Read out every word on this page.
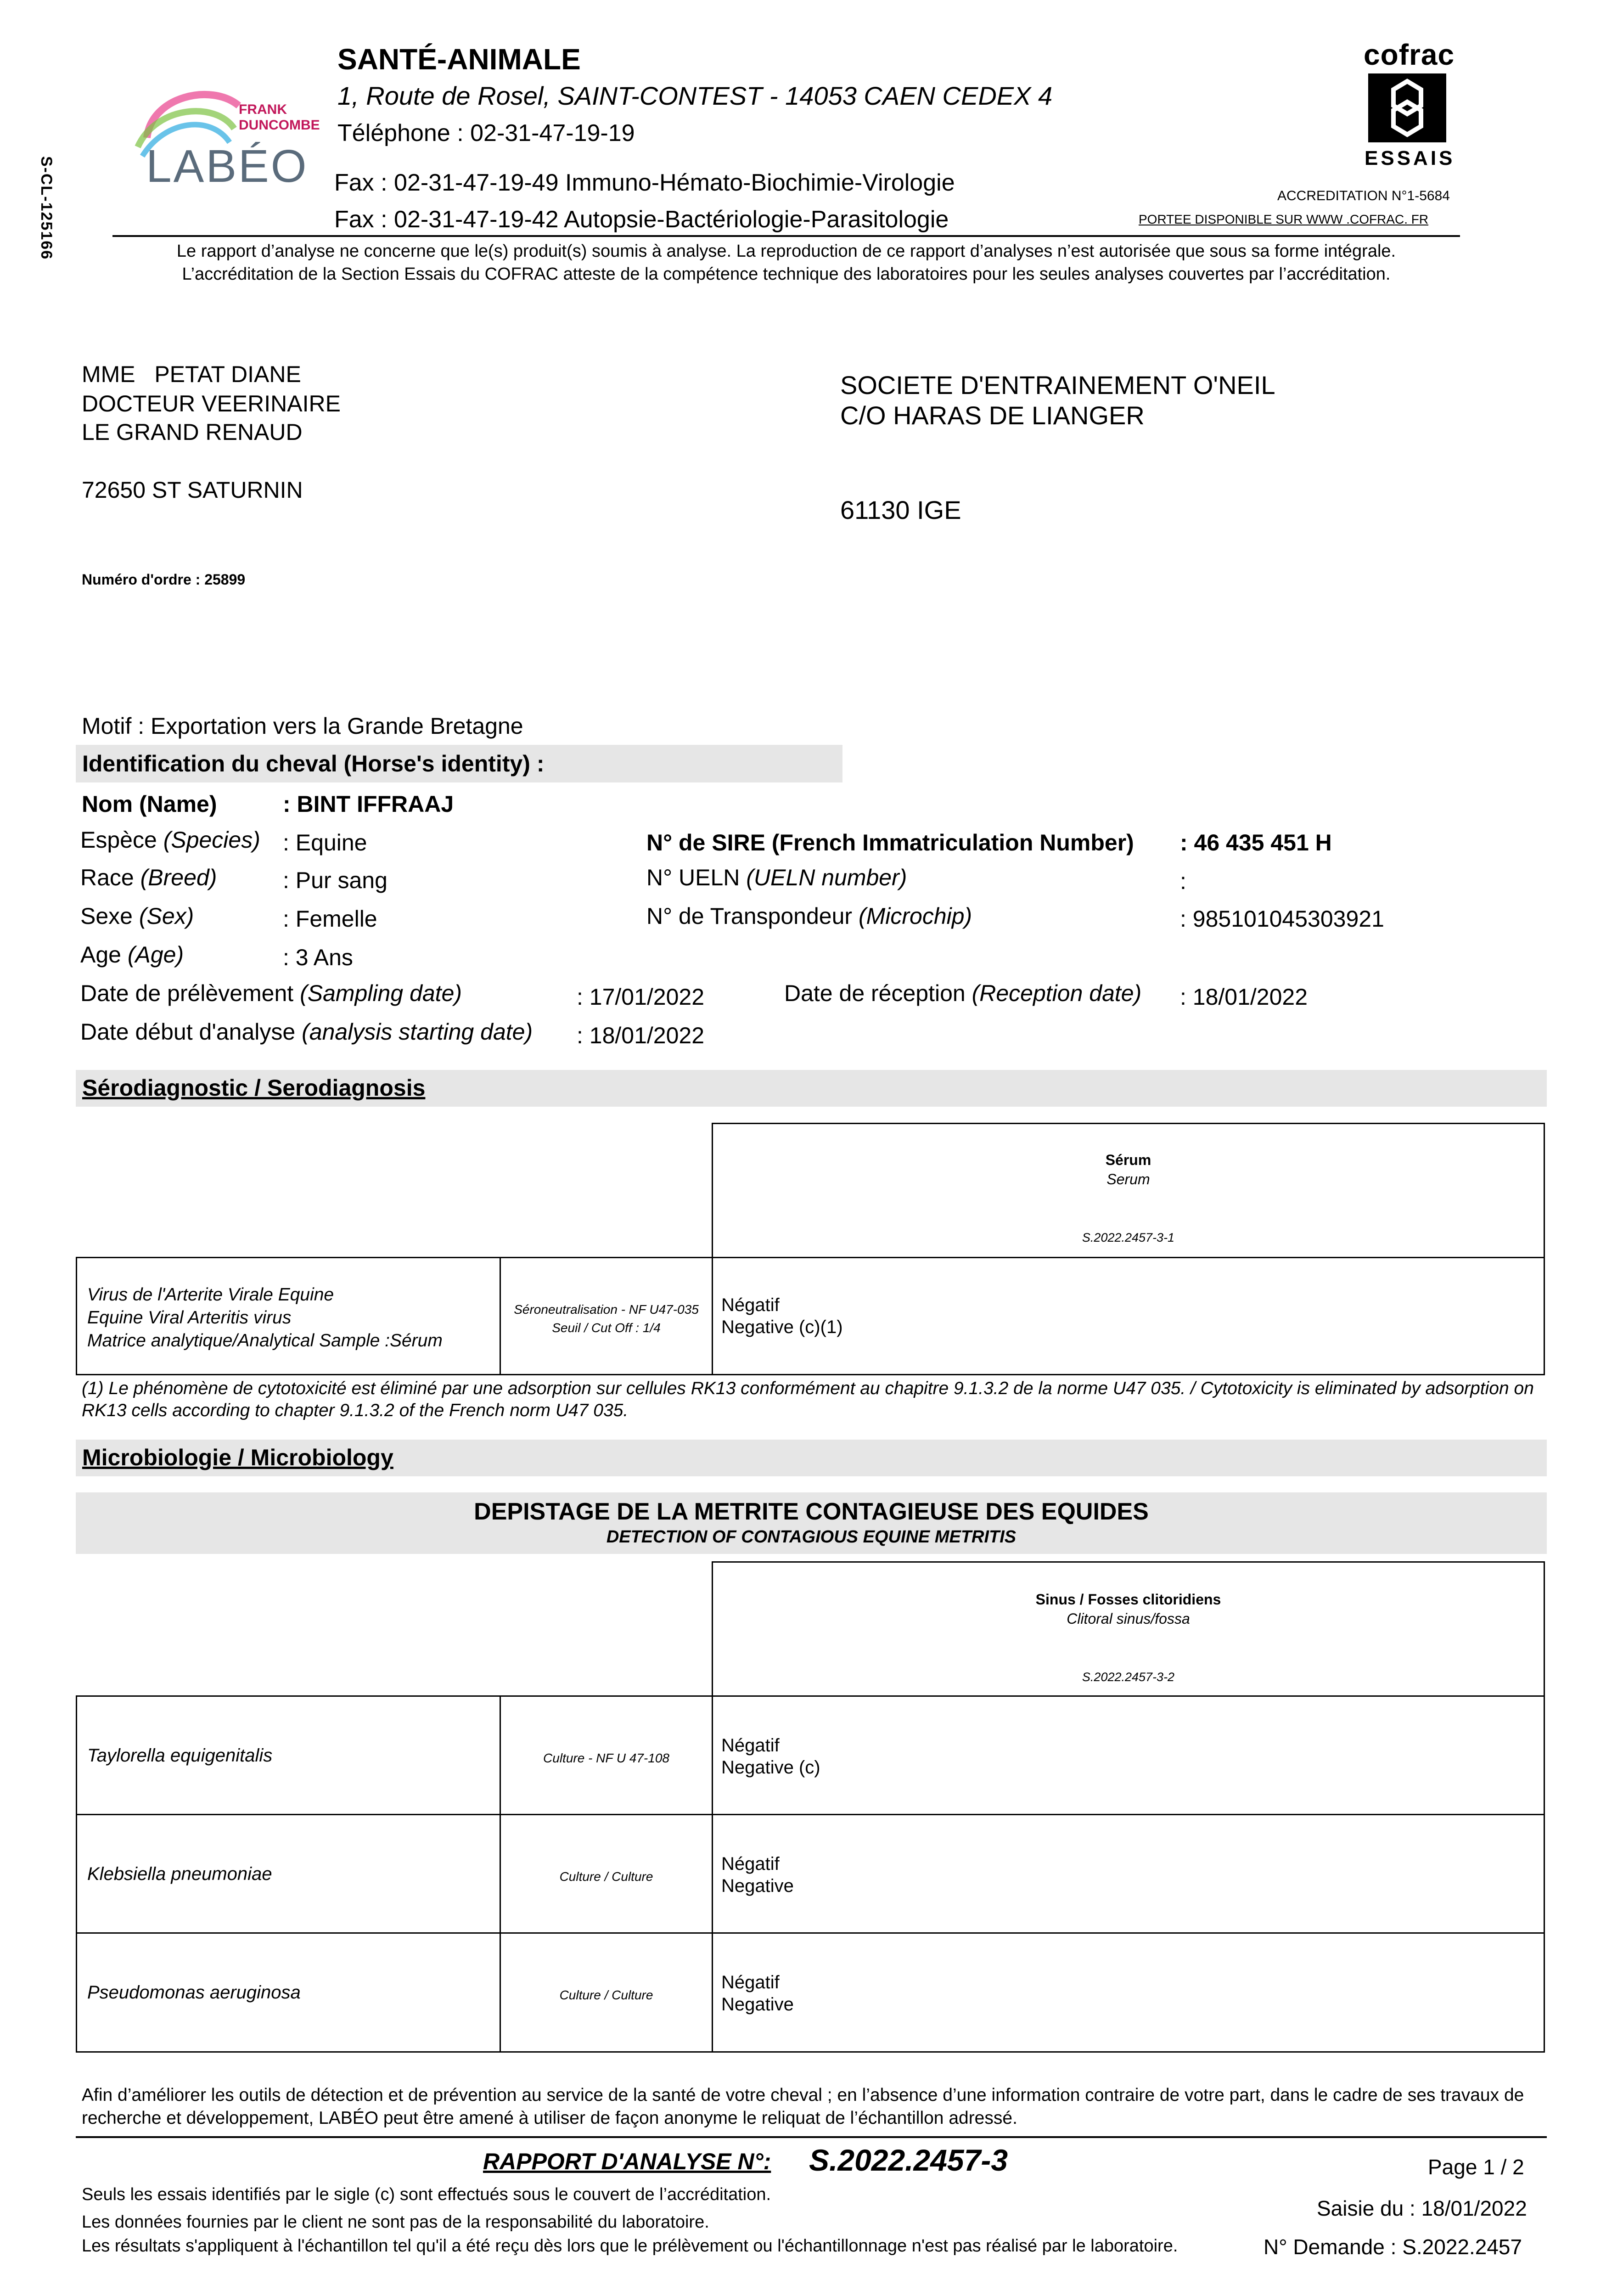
S-CL-125166
FRANK
DUNCOMBE
LABÉO
SANTÉ-ANIMALE
1, Route de Rosel, SAINT-CONTEST - 14053 CAEN CEDEX 4
Téléphone : 02-31-47-19-19
Fax : 02-31-47-19-49 Immuno-Hémato-Biochimie-Virologie
Fax : 02-31-47-19-42 Autopsie-Bactériologie-Parasitologie
cofrac
ESSAIS
ACCREDITATION N°1-5684
PORTEE DISPONIBLE SUR WWW .COFRAC. FR
Le rapport d’analyse ne concerne que le(s) produit(s) soumis à analyse. La reproduction de ce rapport d’analyses n’est autorisée que sous sa forme intégrale.
L’accréditation de la Section Essais du COFRAC atteste de la compétence technique des laboratoires pour les seules analyses couvertes par l’accréditation.
MME   PETAT DIANE
DOCTEUR VEERINAIRE
LE GRAND RENAUD
72650 ST SATURNIN
SOCIETE D'ENTRAINEMENT O'NEIL
C/O HARAS DE LIANGER
61130 IGE
Numéro d'ordre : 25899
Motif : Exportation vers la Grande Bretagne
Identification du cheval (Horse's identity) :
Nom (Name)	: BINT IFFRAAJ
Espèce (Species) : Equine
Race (Breed)	: Pur sang
Sexe (Sex)	: Femelle
Age (Age)	: 3 Ans
N° de SIRE (French Immatriculation Number) : 46 435 451 H
N° UELN (UELN number)	:
N° de Transpondeur (Microchip)	: 985101045303921
Date de prélèvement (Sampling date)	: 17/01/2022	Date de réception (Reception date) : 18/01/2022
Date début d'analyse (analysis starting date) : 18/01/2022
Sérodiagnostic / Serodiagnosis
Sérum
Serum
S.2022.2457-3-1
Virus de l'Arterite Virale Equine
Equine Viral Arteritis virus
Matrice analytique/Analytical Sample :Sérum
Séroneutralisation - NF U47-035
Seuil / Cut Off : 1/4
Négatif
Negative (c)(1)
(1) Le phénomène de cytotoxicité est éliminé par une adsorption sur cellules RK13 conformément au chapitre 9.1.3.2 de la norme U47 035. / Cytotoxicity is eliminated by adsorption on RK13 cells according to chapter 9.1.3.2 of the French norm U47 035.
Microbiologie / Microbiology
DEPISTAGE DE LA METRITE CONTAGIEUSE DES EQUIDES
DETECTION OF CONTAGIOUS EQUINE METRITIS
Sinus / Fosses clitoridiens
Clitoral sinus/fossa
S.2022.2457-3-2
Taylorella equigenitalis	Culture - NF U 47-108
Négatif
Negative (c)
Klebsiella pneumoniae	Culture / Culture
Négatif
Negative
Pseudomonas aeruginosa	Culture / Culture
Négatif
Negative
Afin d’améliorer les outils de détection et de prévention au service de la santé de votre cheval ; en l’absence d’une information contraire de votre part, dans le cadre de ses travaux de recherche et développement, LABÉO peut être amené à utiliser de façon anonyme le reliquat de l’échantillon adressé.
RAPPORT D'ANALYSE N°: S.2022.2457-3	Page 1 / 2
Seuls les essais identifiés par le sigle (c) sont effectués sous le couvert de l’accréditation.
Saisie du : 18/01/2022
Les données fournies par le client ne sont pas de la responsabilité du laboratoire.
Les résultats s'appliquent à l'échantillon tel qu'il a été reçu dès lors que le prélèvement ou l'échantillonnage n'est pas réalisé par le laboratoire.	N° Demande : S.2022.2457
